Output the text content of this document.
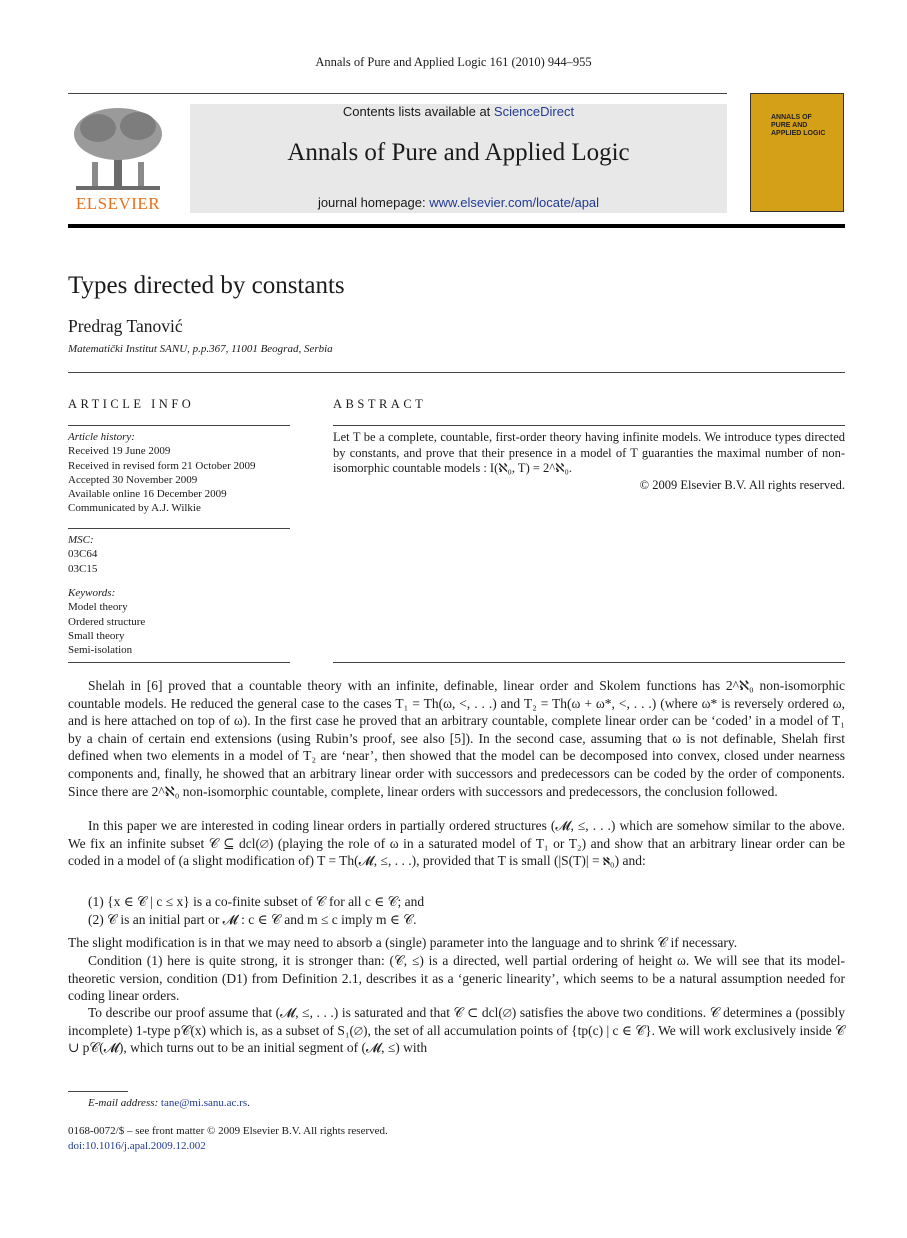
Annals of Pure and Applied Logic 161 (2010) 944–955
ELSEVIER
Contents lists available at ScienceDirect
Annals of Pure and Applied Logic
journal homepage: www.elsevier.com/locate/apal
ANNALS OF PURE AND APPLIED LOGIC
Types directed by constants
Predrag Tanović
Matematički Institut SANU, p.p.367, 11001 Beograd, Serbia
ARTICLE INFO	ABSTRACT
Article history:
Received 19 June 2009
Received in revised form 21 October 2009
Accepted 30 November 2009
Available online 16 December 2009
Communicated by A.J. Wilkie
MSC:
03C64
03C15
Keywords:
Model theory
Ordered structure
Small theory
Semi-isolation
Let T be a complete, countable, first-order theory having infinite models. We introduce types directed by constants, and prove that their presence in a model of T guaranties the maximal number of non-isomorphic countable models : I(ℵ₀, T) = 2^ℵ₀.
© 2009 Elsevier B.V. All rights reserved.
Shelah in [6] proved that a countable theory with an infinite, definable, linear order and Skolem functions has 2^ℵ₀ non-isomorphic countable models. He reduced the general case to the cases T₁ = Th(ω, <, . . .) and T₂ = Th(ω + ω*, <, . . .) (where ω* is reversely ordered ω, and is here attached on top of ω). In the first case he proved that an arbitrary countable, complete linear order can be ‘coded’ in a model of T₁ by a chain of certain end extensions (using Rubin’s proof, see also [5]). In the second case, assuming that ω is not definable, Shelah first defined when two elements in a model of T₂ are ‘near’, then showed that the model can be decomposed into convex, closed under nearness components and, finally, he showed that an arbitrary linear order with successors and predecessors can be coded by the order of components. Since there are 2^ℵ₀ non-isomorphic countable, complete, linear orders with successors and predecessors, the conclusion followed.
In this paper we are interested in coding linear orders in partially ordered structures (𝓜, ≤, . . .) which are somehow similar to the above. We fix an infinite subset 𝒞 ⊆ dcl(∅) (playing the role of ω in a saturated model of T₁ or T₂) and show that an arbitrary linear order can be coded in a model of (a slight modification of) T = Th(𝓜, ≤, . . .), provided that T is small (|S(T)| = ℵ₀) and:
(1) {x ∈ 𝒞 | c ≤ x} is a co-finite subset of 𝒞 for all c ∈ 𝒞; and
(2) 𝒞 is an initial part or 𝓜 : c ∈ 𝒞 and m ≤ c imply m ∈ 𝒞.
The slight modification is in that we may need to absorb a (single) parameter into the language and to shrink 𝒞 if necessary.
Condition (1) here is quite strong, it is stronger than: (𝒞, ≤) is a directed, well partial ordering of height ω. We will see that its model-theoretic version, condition (D1) from Definition 2.1, describes it as a ‘generic linearity’, which seems to be a natural assumption needed for coding linear orders.
To describe our proof assume that (𝓜, ≤, . . .) is saturated and that 𝒞 ⊂ dcl(∅) satisfies the above two conditions. 𝒞 determines a (possibly incomplete) 1-type p𝒞(x) which is, as a subset of S₁(∅), the set of all accumulation points of {tp(c) | c ∈ 𝒞}. We will work exclusively inside 𝒞 ∪ p𝒞(𝓜), which turns out to be an initial segment of (𝓜, ≤) with
E-mail address: tane@mi.sanu.ac.rs.
0168-0072/$ – see front matter © 2009 Elsevier B.V. All rights reserved.
doi:10.1016/j.apal.2009.12.002
